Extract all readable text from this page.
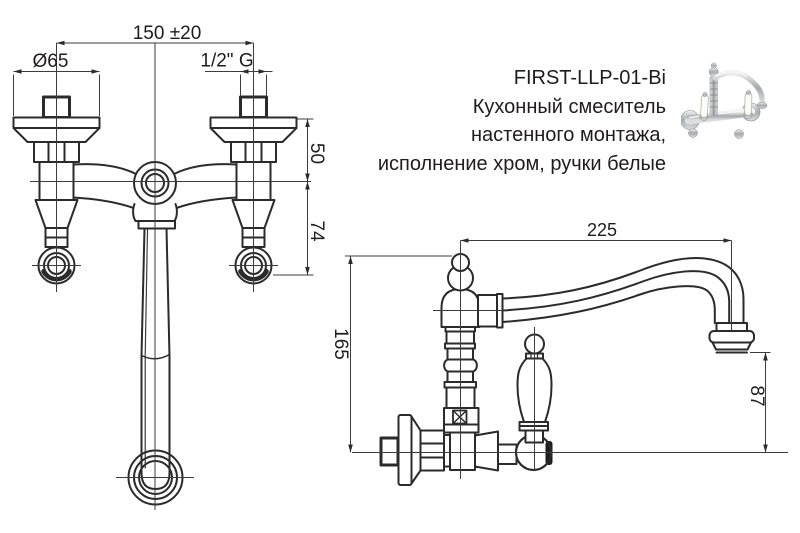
150 ±20
Ø65	1/2" G
50
74	225
165
87
FIRST-LLP-01-Bi
Кухонный смеситель
настенного монтажа,
исполнение хром, ручки белые
